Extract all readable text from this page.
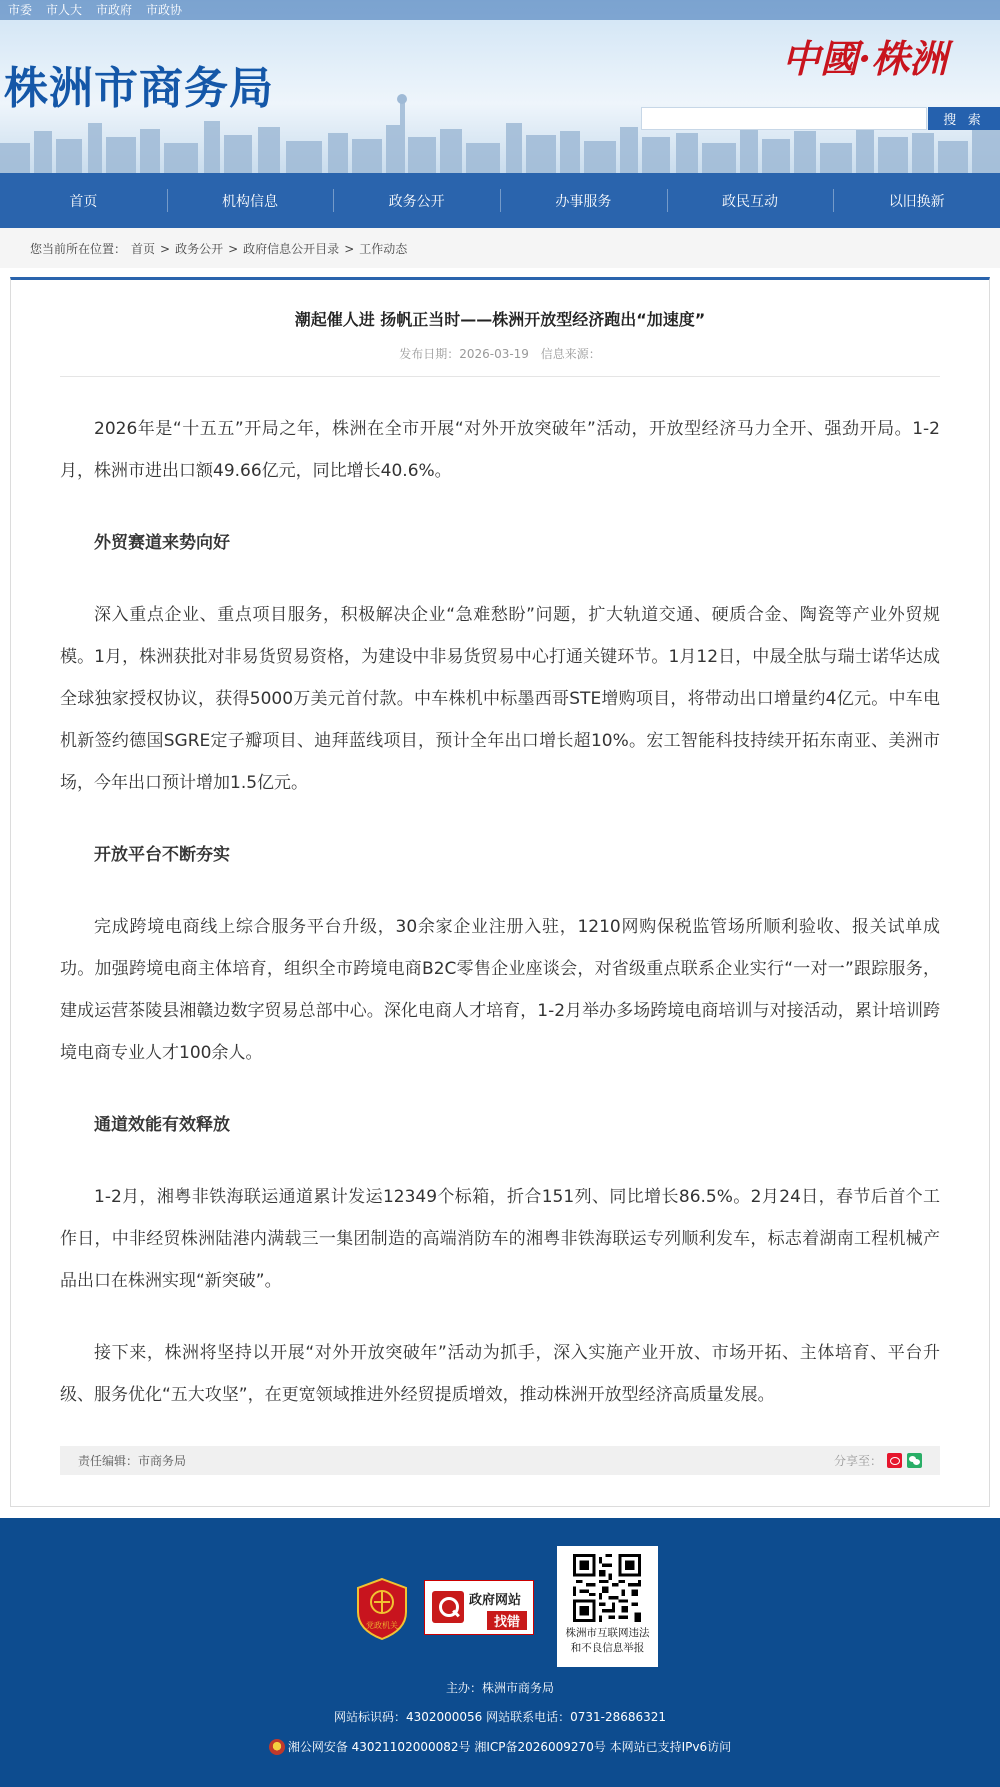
市委 市人大 市政府 市政协
株洲市商务局
中國·株洲
搜 索
首页	机构信息	政务公开	办事服务	政民互动	以旧换新
您当前所在位置： 首页 > 政务公开 > 政府信息公开目录 > 工作动态
潮起催人进 扬帆正当时——株洲开放型经济跑出“加速度”
发布日期：2026-03-19 信息来源：

2026年是“十五五”开局之年，株洲在全市开展“对外开放突破年”活动，开放型经济马力全开、强劲开局。1-2月，株洲市进出口额49.66亿元，同比增长40.6%。

外贸赛道来势向好

深入重点企业、重点项目服务，积极解决企业“急难愁盼”问题，扩大轨道交通、硬质合金、陶瓷等产业外贸规模。1月，株洲获批对非易货贸易资格，为建设中非易货贸易中心打通关键环节。1月12日，中晟全肽与瑞士诺华达成全球独家授权协议，获得5000万美元首付款。中车株机中标墨西哥STE增购项目，将带动出口增量约4亿元。中车电机新签约德国SGRE定子瓣项目、迪拜蓝线项目，预计全年出口增长超10%。宏工智能科技持续开拓东南亚、美洲市场，今年出口预计增加1.5亿元。

开放平台不断夯实

完成跨境电商线上综合服务平台升级，30余家企业注册入驻，1210网购保税监管场所顺利验收、报关试单成功。加强跨境电商主体培育，组织全市跨境电商B2C零售企业座谈会，对省级重点联系企业实行“一对一”跟踪服务，建成运营茶陵县湘赣边数字贸易总部中心。深化电商人才培育，1-2月举办多场跨境电商培训与对接活动，累计培训跨境电商专业人才100余人。

通道效能有效释放

1-2月，湘粤非铁海联运通道累计发运12349个标箱，折合151列、同比增长86.5%。2月24日，春节后首个工作日，中非经贸株洲陆港内满载三一集团制造的高端消防车的湘粤非铁海联运专列顺利发车，标志着湖南工程机械产品出口在株洲实现“新突破”。

接下来，株洲将坚持以开展“对外开放突破年”活动为抓手，深入实施产业开放、市场开拓、主体培育、平台升级、服务优化“五大攻坚”，在更宽领域推进外经贸提质增效，推动株洲开放型经济高质量发展。

责任编辑：市商务局	分享至：
党政机关
政府网站
找错
株洲市互联网违法
和不良信息举报
主办：株洲市商务局
网站标识码：4302000056 网站联系电话：0731-28686321
湘公网安备 43021102000082号 湘ICP备2026009270号 本网站已支持IPv6访问
